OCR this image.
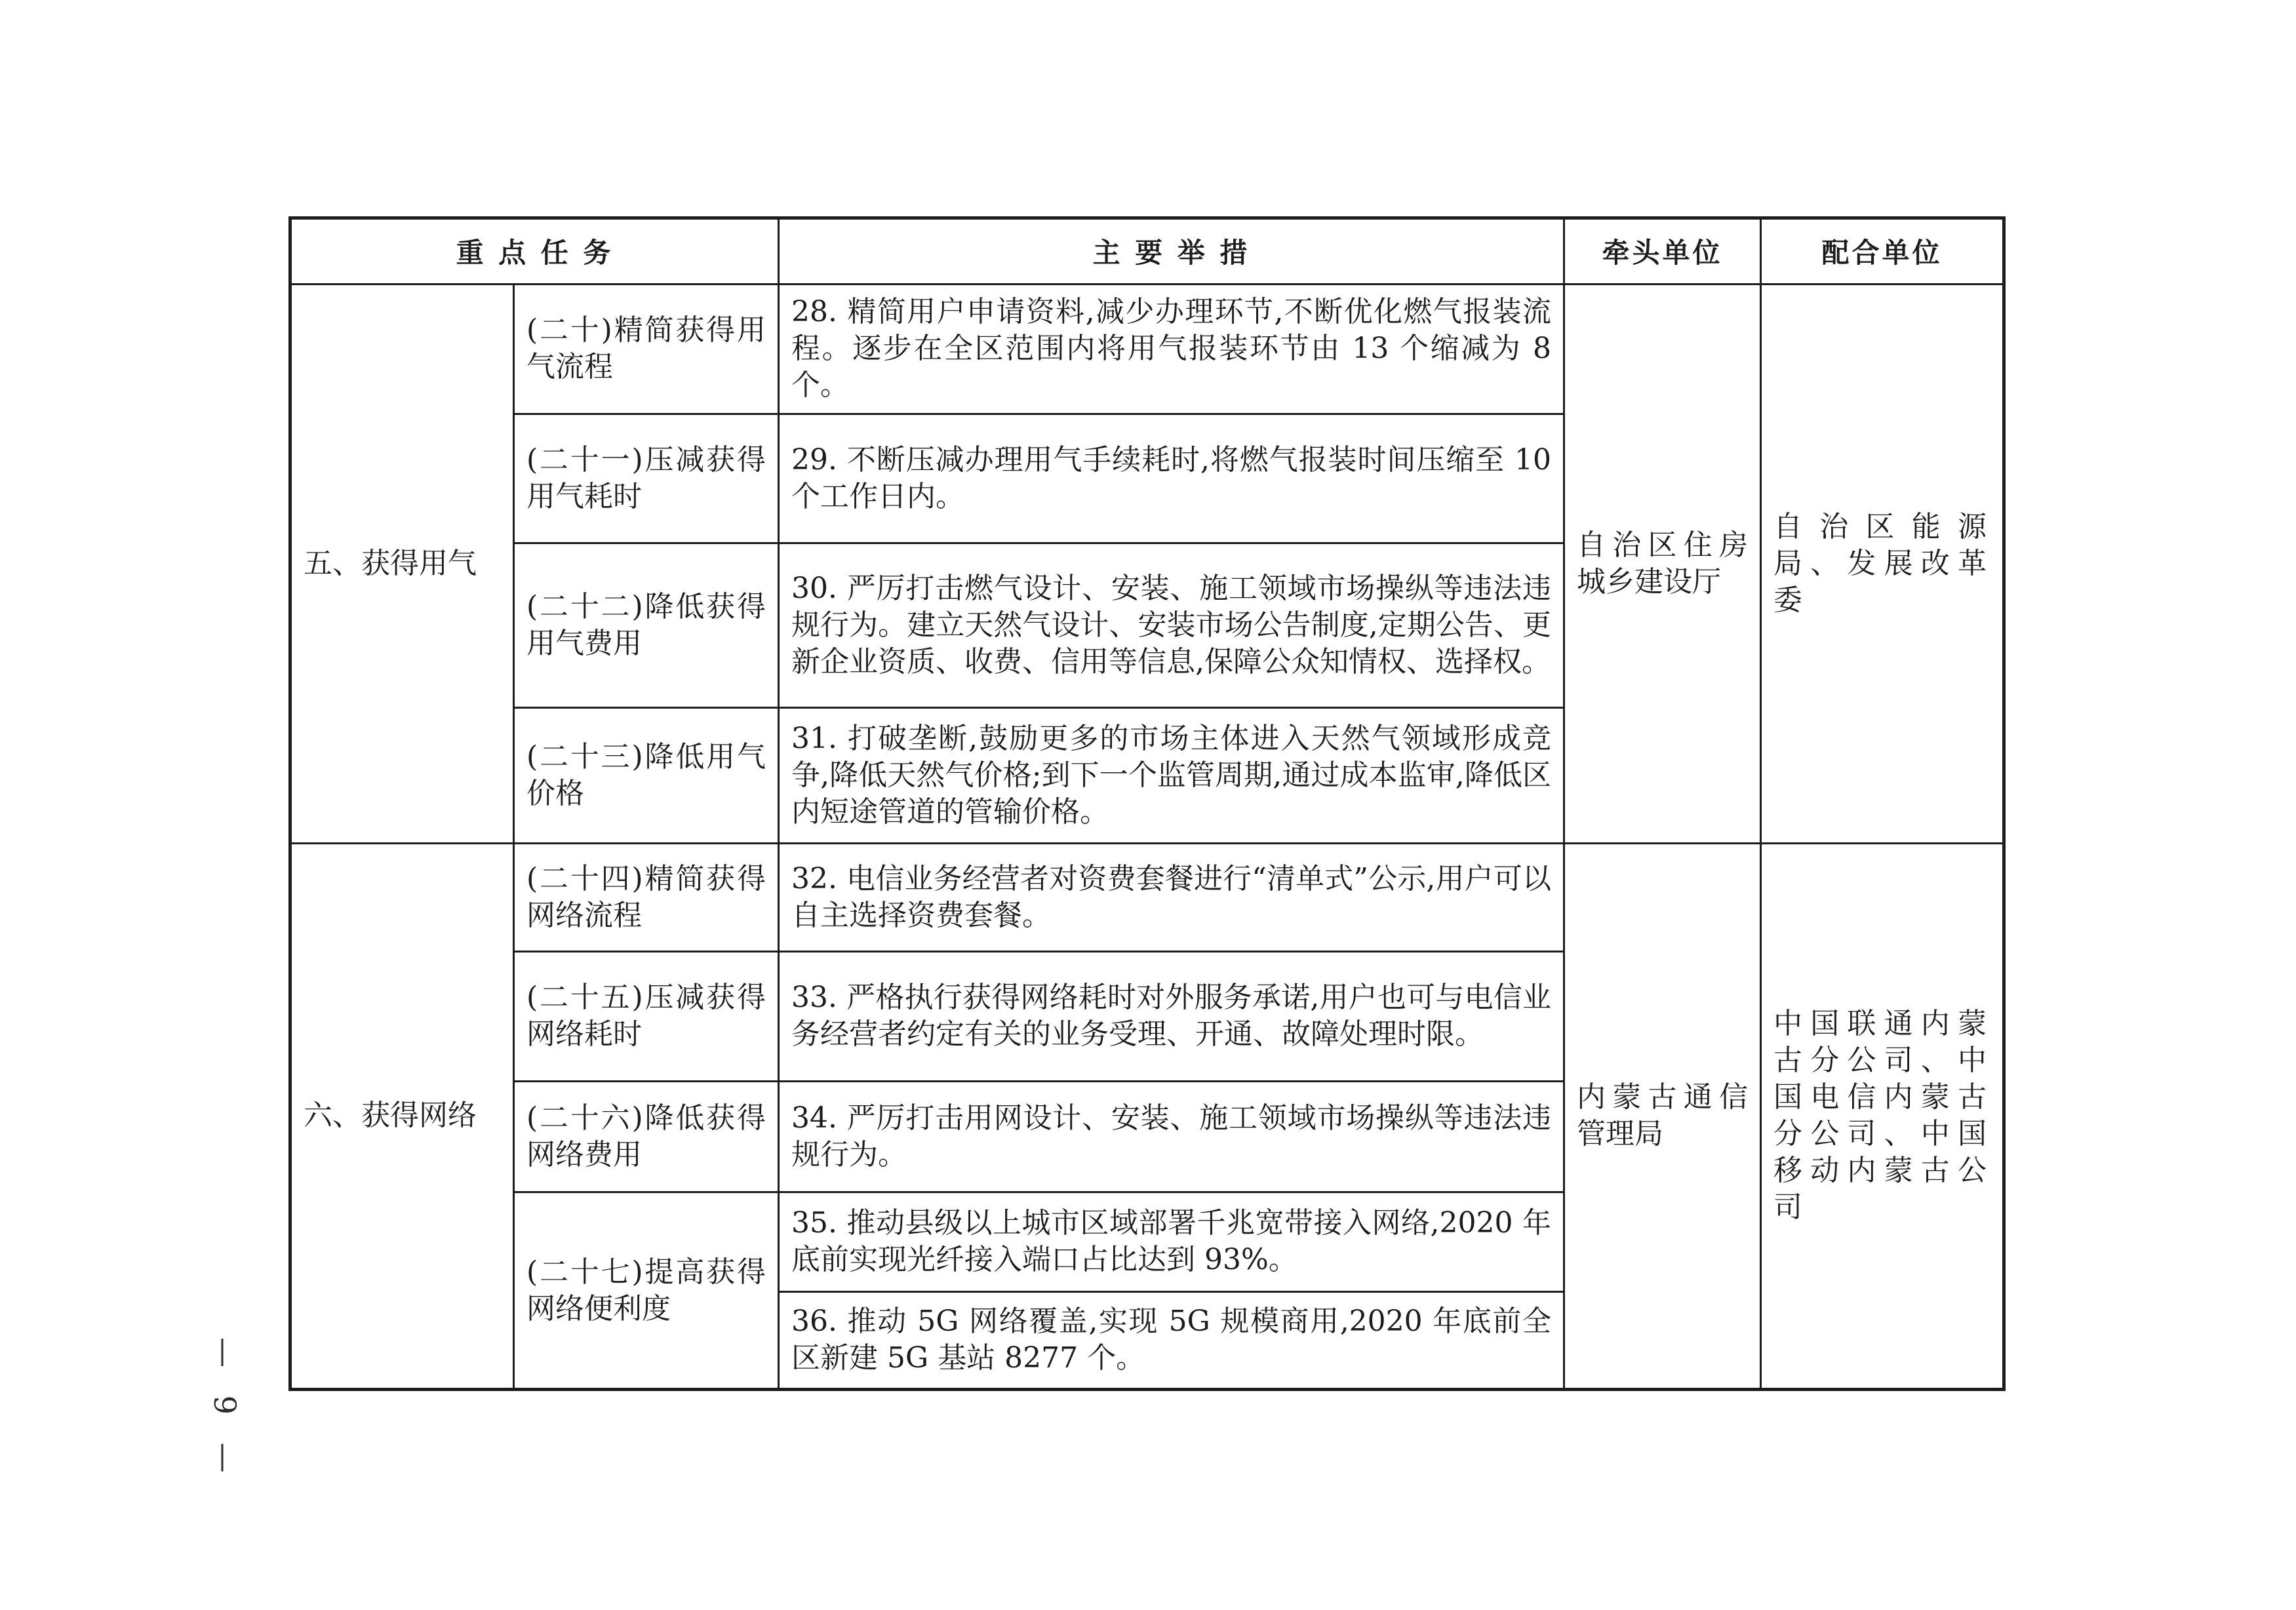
重 点 任 务		主 要 举 措	牵头单位	配合单位
五、获得用气	(二十)精简获得用气流程	28. 精简用户申请资料,减少办理环节,不断优化燃气报装流程。逐步在全区范围内将用气报装环节由 13 个缩减为 8 个。	自治区住房城乡建设厅	自治区能源局、发展改革委
	(二十一)压减获得用气耗时	29. 不断压减办理用气手续耗时,将燃气报装时间压缩至 10 个工作日内。		
	(二十二)降低获得用气费用	30. 严厉打击燃气设计、安装、施工领域市场操纵等违法违规行为。建立天然气设计、安装市场公告制度,定期公告、更新企业资质、收费、信用等信息,保障公众知情权、选择权。		
	(二十三)降低用气价格	31. 打破垄断,鼓励更多的市场主体进入天然气领域形成竞争,降低天然气价格;到下一个监管周期,通过成本监审,降低区内短途管道的管输价格。		
六、获得网络	(二十四)精简获得网络流程	32. 电信业务经营者对资费套餐进行“清单式”公示,用户可以自主选择资费套餐。	内蒙古通信管理局	中国联通内蒙古分公司、中国电信内蒙古分公司、中国移动内蒙古公司
	(二十五)压减获得网络耗时	33. 严格执行获得网络耗时对外服务承诺,用户也可与电信业务经营者约定有关的业务受理、开通、故障处理时限。		
	(二十六)降低获得网络费用	34. 严厉打击用网设计、安装、施工领域市场操纵等违法违规行为。		
	(二十七)提高获得网络便利度	35. 推动县级以上城市区域部署千兆宽带接入网络,2020 年底前实现光纤接入端口占比达到 93%。		
		36. 推动 5G 网络覆盖,实现 5G 规模商用,2020 年底前全区新建 5G 基站 8277 个。		
— 9 —
